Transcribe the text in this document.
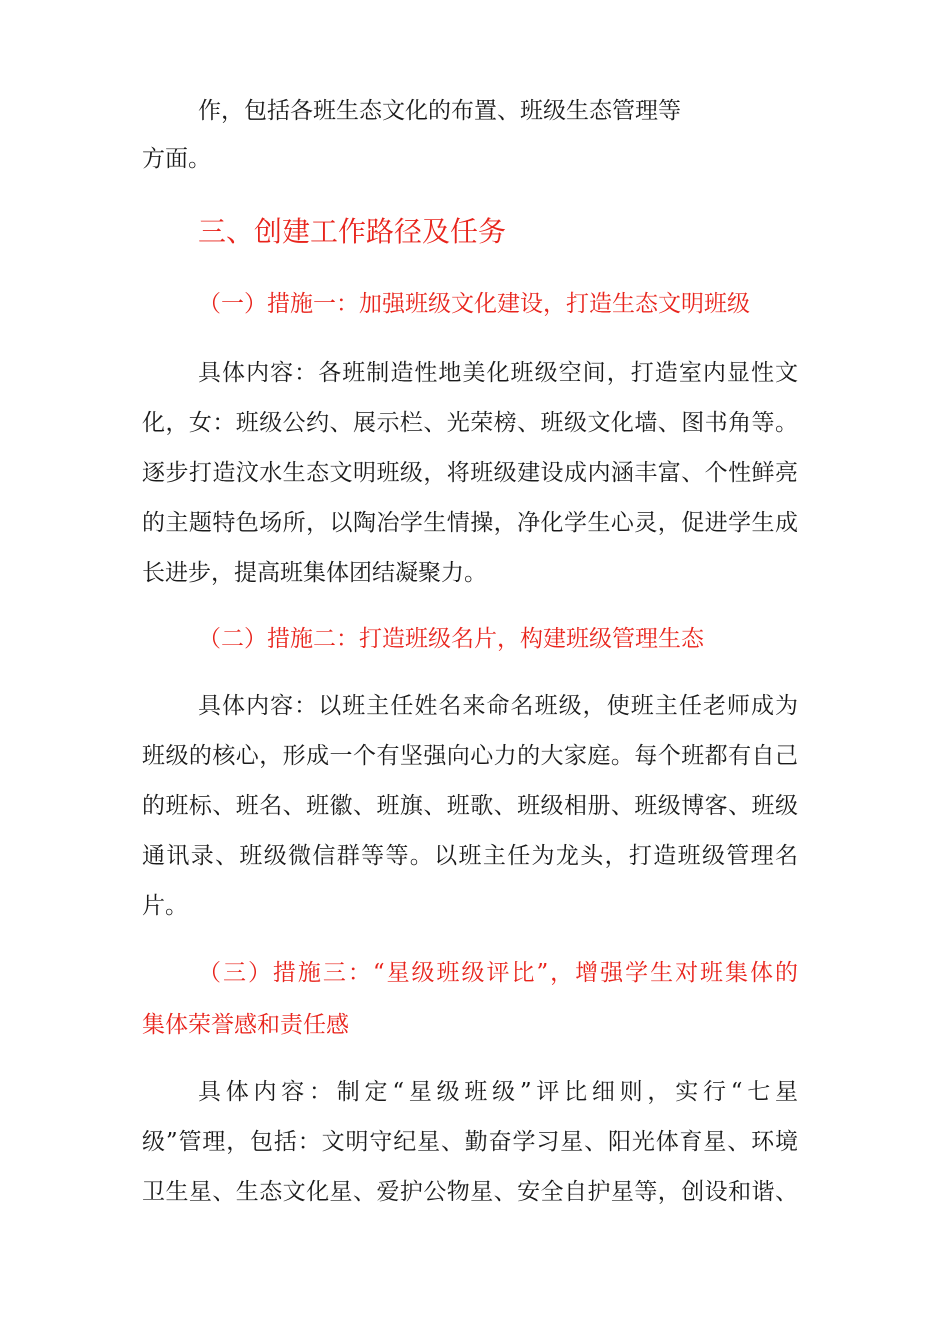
作，包括各班生态文化的布置、班级生态管理等
方面。
三、创建工作路径及任务
（一）措施一：加强班级文化建设，打造生态文明班级
具体内容：各班制造性地美化班级空间，打造室内显性文
化，女：班级公约、展示栏、光荣榜、班级文化墙、图书角等。
逐步打造汶水生态文明班级，将班级建设成内涵丰富、个性鲜亮
的主题特色场所，以陶冶学生情操，净化学生心灵，促进学生成
长进步，提高班集体团结凝聚力。
（二）措施二：打造班级名片，构建班级管理生态
具体内容：以班主任姓名来命名班级，使班主任老师成为
班级的核心，形成一个有坚强向心力的大家庭。每个班都有自己
的班标、班名、班徽、班旗、班歌、班级相册、班级博客、班级
通讯录、班级微信群等等。以班主任为龙头，打造班级管理名
片。
（三）措施三：“星级班级评比”，增强学生对班集体的
集体荣誉感和责任感
具体内容：制定“星级班级”评比细则，实行“七星
级”管理，包括：文明守纪星、勤奋学习星、阳光体育星、环境
卫生星、生态文化星、爱护公物星、安全自护星等，创设和谐、
